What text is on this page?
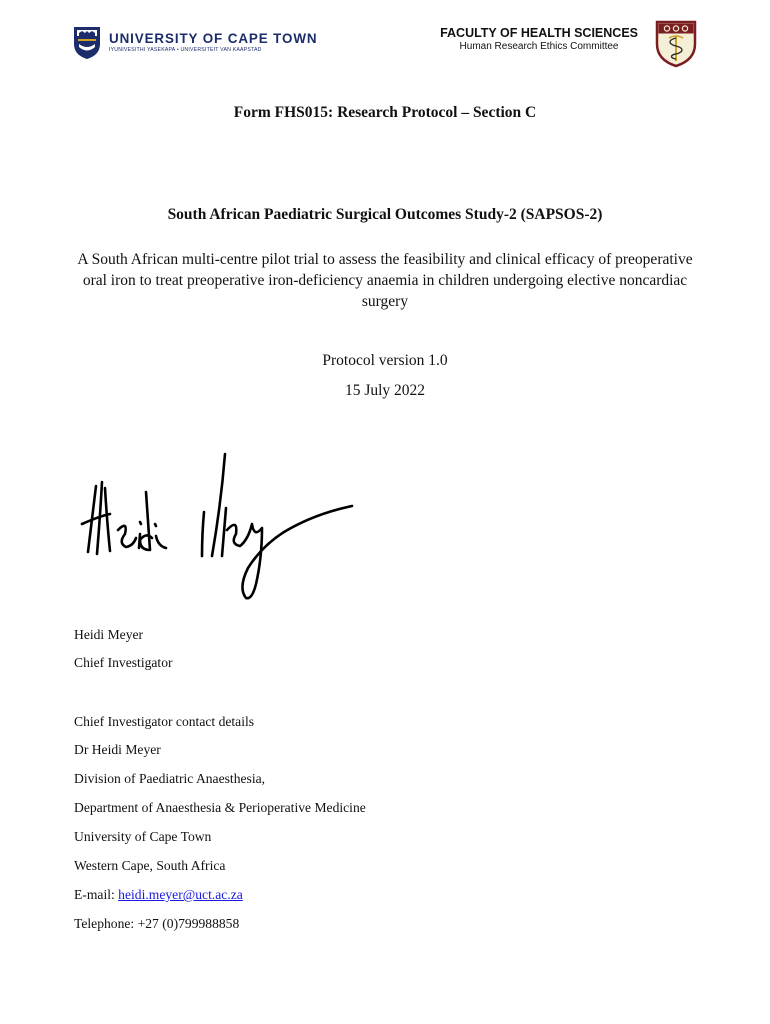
UNIVERSITY OF CAPE TOWN
IYUNIVESITHI YASEKAPA • UNIVERSITEIT VAN KAAPSTAD
FACULTY OF HEALTH SCIENCES
Human Research Ethics Committee
Form FHS015: Research Protocol – Section C
South African Paediatric Surgical Outcomes Study-2 (SAPSOS-2)
A South African multi-centre pilot trial to assess the feasibility and clinical efficacy of preoperative oral iron to treat preoperative iron-deficiency anaemia in children undergoing elective noncardiac surgery
Protocol version 1.0
15 July 2022
Heidi Meyer
Chief Investigator
Chief Investigator contact details
Dr Heidi Meyer
Division of Paediatric Anaesthesia,
Department of Anaesthesia & Perioperative Medicine
University of Cape Town
Western Cape, South Africa
E-mail: heidi.meyer@uct.ac.za
Telephone: +27 (0)799988858
